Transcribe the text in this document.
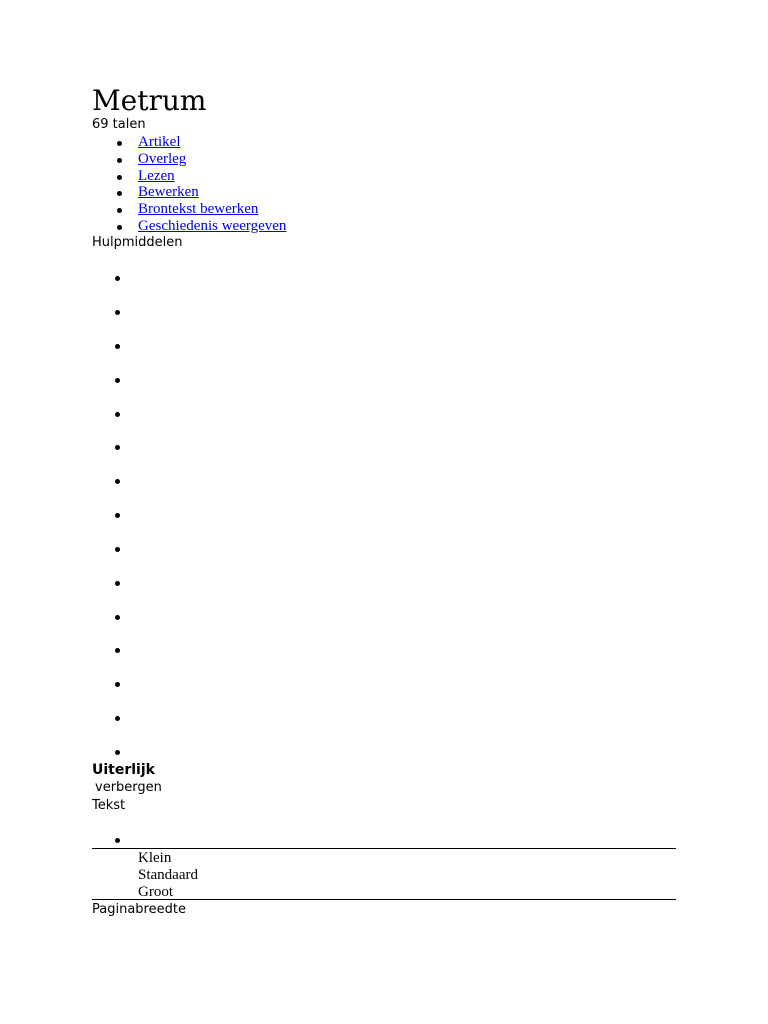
Metrum
69 talen
Artikel
Overleg
Lezen
Bewerken
Brontekst bewerken
Geschiedenis weergeven
Hulpmiddelen
Uiterlijk
verbergen
Tekst
Klein
Standaard
Groot
Paginabreedte
